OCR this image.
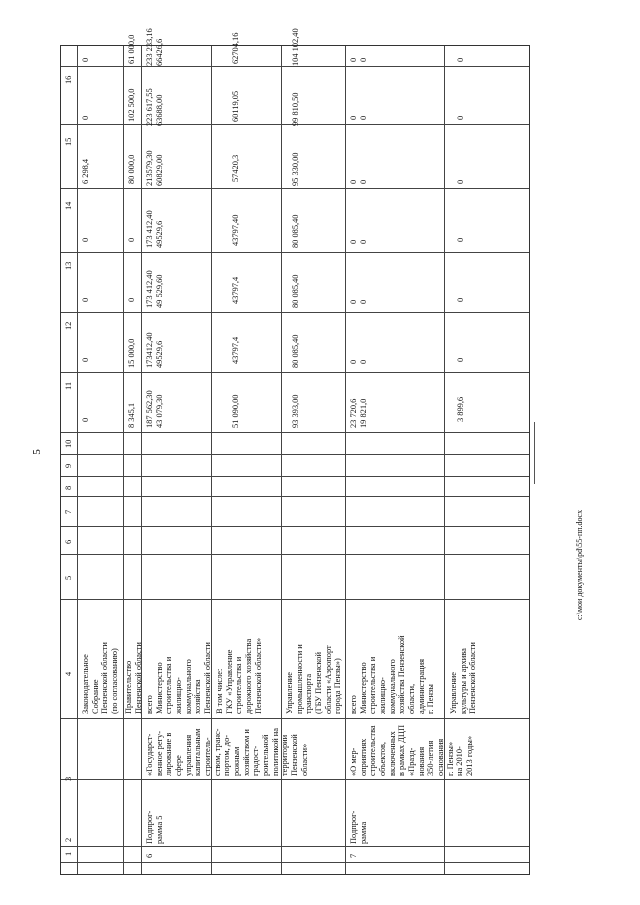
5
c:\мои документы\рd\55-пп.docx
1
2
3
4
5
6
7
8
9
10
11
12
13
14
15
16
Законодательное
Собрание
Пензенской области
(по согласованию)
0
0
0
0
6 298,4
0
0
Правительство
Пензенской области
8 345,1
15 000,0
0
0
80 000,0
102 500,0
61 000,0
6
Подпрог-
рамма 5
«Государст-
венное регу-
лирование в
сфере
управления
капитальным
строитель-
ством, транс-
портом, до-
рожным
хозяйством и
градост-
роительной
политикой на
территории
Пензенской
области»
всего
Министерство
строительства и
жилищно-
коммунального
хозяйства
Пензенской области
187 562,30
43 079,30
173412,40
49529,6
173 412,40
49 529,60
173 412,40
49529,6
213579,30
60829,00
223 617,55
63688,00
233 233,16
66426,6
В том числе:
ГКУ «Управление
строительства и
дорожного хозяйства
Пензенской области»
51 090,00
43797,4
43797,4
43797,40
57420,3
60119,05
62704,16
Управление
промышленности и
транспорта
(ГБУ Пензенской
области «Аэропорт
города Пензы»)
93 393,00
80 085,40
80 085,40
80 085,40
95 330,00
99 810,50
104 102,40
7
Подпрог-
рамма
«О мер-
оприятиях
строительства
объектов,
включенных
в рамках ДЦП
«Празд-
нования
350-летия
основания
г. Пензы»
на 2010-
2013 годы»
всего
Министерство
строительства и
жилищно-
коммунального
хозяйства Пензенской
области,
администрация
г. Пензы
23 720,6
19 821,0
0
0
0
0
0
0
0
0
0
0
0
0
Управление
культуры и архива
Пензенской области
3 899,6
0
0
0
0
0
0
